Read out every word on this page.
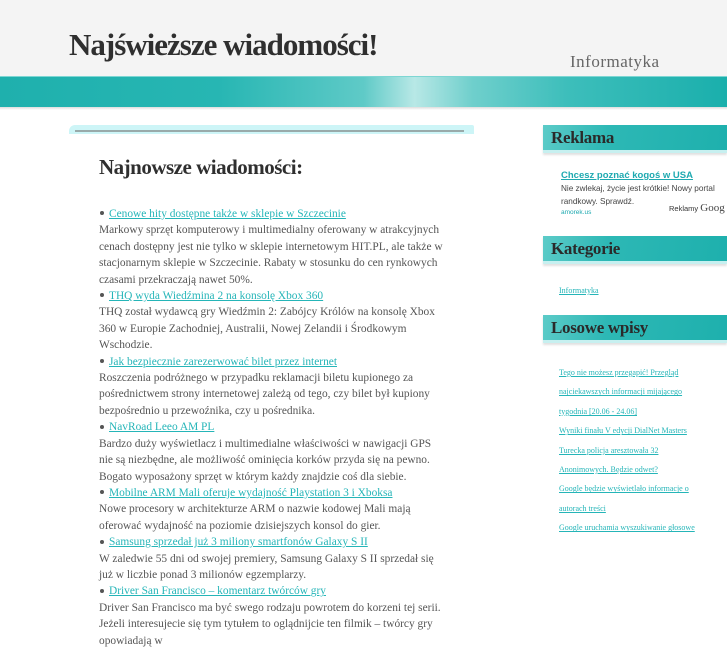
Najświeższe wiadomości!	Informatyka
Najnowsze wiadomości:
Cenowe hity dostępne także w sklepie w Szczecinie
Markowy sprzęt komputerowy i multimedialny oferowany w atrakcyjnych cenach dostępny jest nie tylko w sklepie internetowym HIT.PL, ale także w stacjonarnym sklepie w Szczecinie. Rabaty w stosunku do cen rynkowych czasami przekraczają nawet 50%.
THQ wyda Wiedźmina 2 na konsolę Xbox 360
THQ został wydawcą gry Wiedźmin 2: Zabójcy Królów na konsolę Xbox 360 w Europie Zachodniej, Australii, Nowej Zelandii i Środkowym Wschodzie.
Jak bezpiecznie zarezerwować bilet przez internet
Roszczenia podróżnego w przypadku reklamacji biletu kupionego za pośrednictwem strony internetowej zależą od tego, czy bilet był kupiony bezpośrednio u przewoźnika, czy u pośrednika.
NavRoad Leeo AM PL
Bardzo duży wyświetlacz i multimedialne właściwości w nawigacji GPS nie są niezbędne, ale możliwość ominięcia korków przyda się na pewno. Bogato wyposażony sprzęt w którym każdy znajdzie coś dla siebie.
Mobilne ARM Mali oferuje wydajność Playstation 3 i Xboksa
Nowe procesory w architekturze ARM o nazwie kodowej Mali mają oferować wydajność na poziomie dzisiejszych konsol do gier.
Samsung sprzedał już 3 miliony smartfonów Galaxy S II
W zaledwie 55 dni od swojej premiery, Samsung Galaxy S II sprzedał się już w liczbie ponad 3 milionów egzemplarzy.
Driver San Francisco – komentarz twórców gry
Driver San Francisco ma być swego rodzaju powrotem do korzeni tej serii. Jeżeli interesujecie się tym tytułem to oglądnijcie ten filmik – twórcy gry opowiadają w
Reklama
Chcesz poznać kogoś w USA
Nie zwlekaj, życie jest krótkie! Nowy portal randkowy. Sprawdź.
amorek.us	Reklamy Goog
Kategorie
Informatyka
Losowe wpisy
Tego nie możesz przegapić! Przegląd
najciekawszych informacji mijającego
tygodnia [20.06 - 24.06]
Wyniki finału V edycji DialNet Masters
Turecka policja aresztowała 32
Anonimowych. Będzie odwet?
Google będzie wyświetlało informacje o
autorach treści
Google uruchamia wyszukiwanie głosowe
